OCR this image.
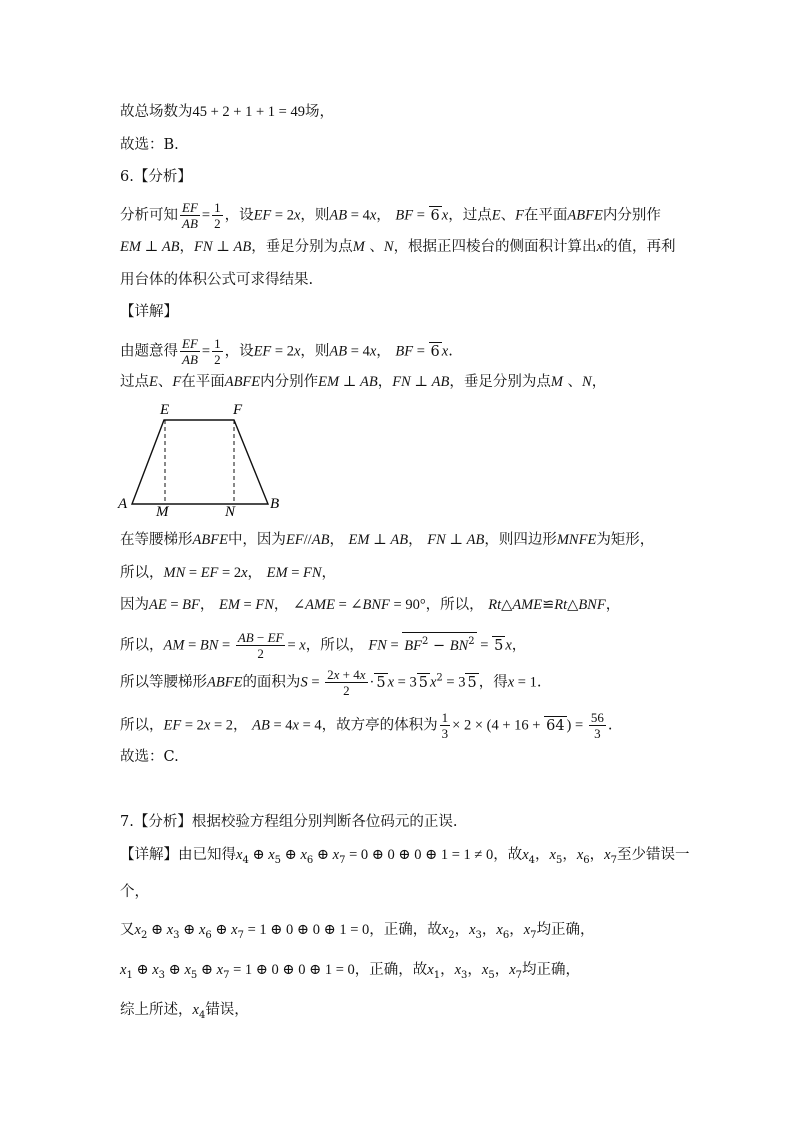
故总场数为45 + 2 + 1 + 1 = 49场，
故选：B.
6.【分析】
分析可知 $\frac{EF}{AB} = \frac{1}{2}$ ，设EF = 2x，则AB = 4x， BF = 6 x，过点E、F在平面ABFE内分别作
EM ⊥ AB，FN ⊥ AB，垂足分别为点M 、N，根据正四棱台的侧面积计算出x的值，再利
用台体的体积公式可求得结果.
【详解】
由题意得 $\frac{EF}{AB} = \frac{1}{2}$ ，设EF = 2x，则AB = 4x， BF = 6 x.
过点E、F在平面ABFE内分别作EM ⊥ AB，FN ⊥ AB，垂足分别为点M 、N，
E	F
A	B
M	N
在等腰梯形ABFE中，因为EF//AB， EM ⊥ AB， FN ⊥ AB，则四边形MNFE为矩形，
所以，MN = EF = 2x， EM = FN，
因为AE = BF， EM = FN， ∠AME = ∠BNF = 90°，所以， Rt△AME≌Rt△BNF，
所以，AM = BN = $\frac{AB - EF}{2} = x$，所以， FN = $BF^2 - BN^2 = 5$ x，
所以等腰梯形ABFE的面积为$S = \frac{2x + 4x}{2} \cdot 5$ x = 3 5 $x^2 = 3$ 5 ，得x = 1.
所以，EF = 2x = 2， AB = 4x = 4，故方亭的体积为 $\frac{1}{3} \times 2 \times (4 + 16 + 64$ ) = $\frac{56}{3}$ .
故选：C.
7.【分析】根据校验方程组分别判断各位码元的正误.
【详解】由已知得$x_4$ ⊕ $x_5$ ⊕ $x_6$ ⊕ $x_7 = 0$ ⊕ 0 ⊕ 0 ⊕ 1 = 1 ≠ 0，故$x_4$，$x_5$，$x_6$，$x_7$至少错误一
个，
又$x_2$ ⊕ $x_3$ ⊕ $x_6$ ⊕ $x_7 = 1$ ⊕ 0 ⊕ 0 ⊕ 1 = 0，正确，故$x_2$，$x_3$，$x_6$，$x_7$均正确，
$x_1$ ⊕ $x_3$ ⊕ $x_5$ ⊕ $x_7 = 1$ ⊕ 0 ⊕ 0 ⊕ 1 = 0，正确，故$x_1$，$x_3$，$x_5$，$x_7$均正确，
综上所述，$x_4$错误，
